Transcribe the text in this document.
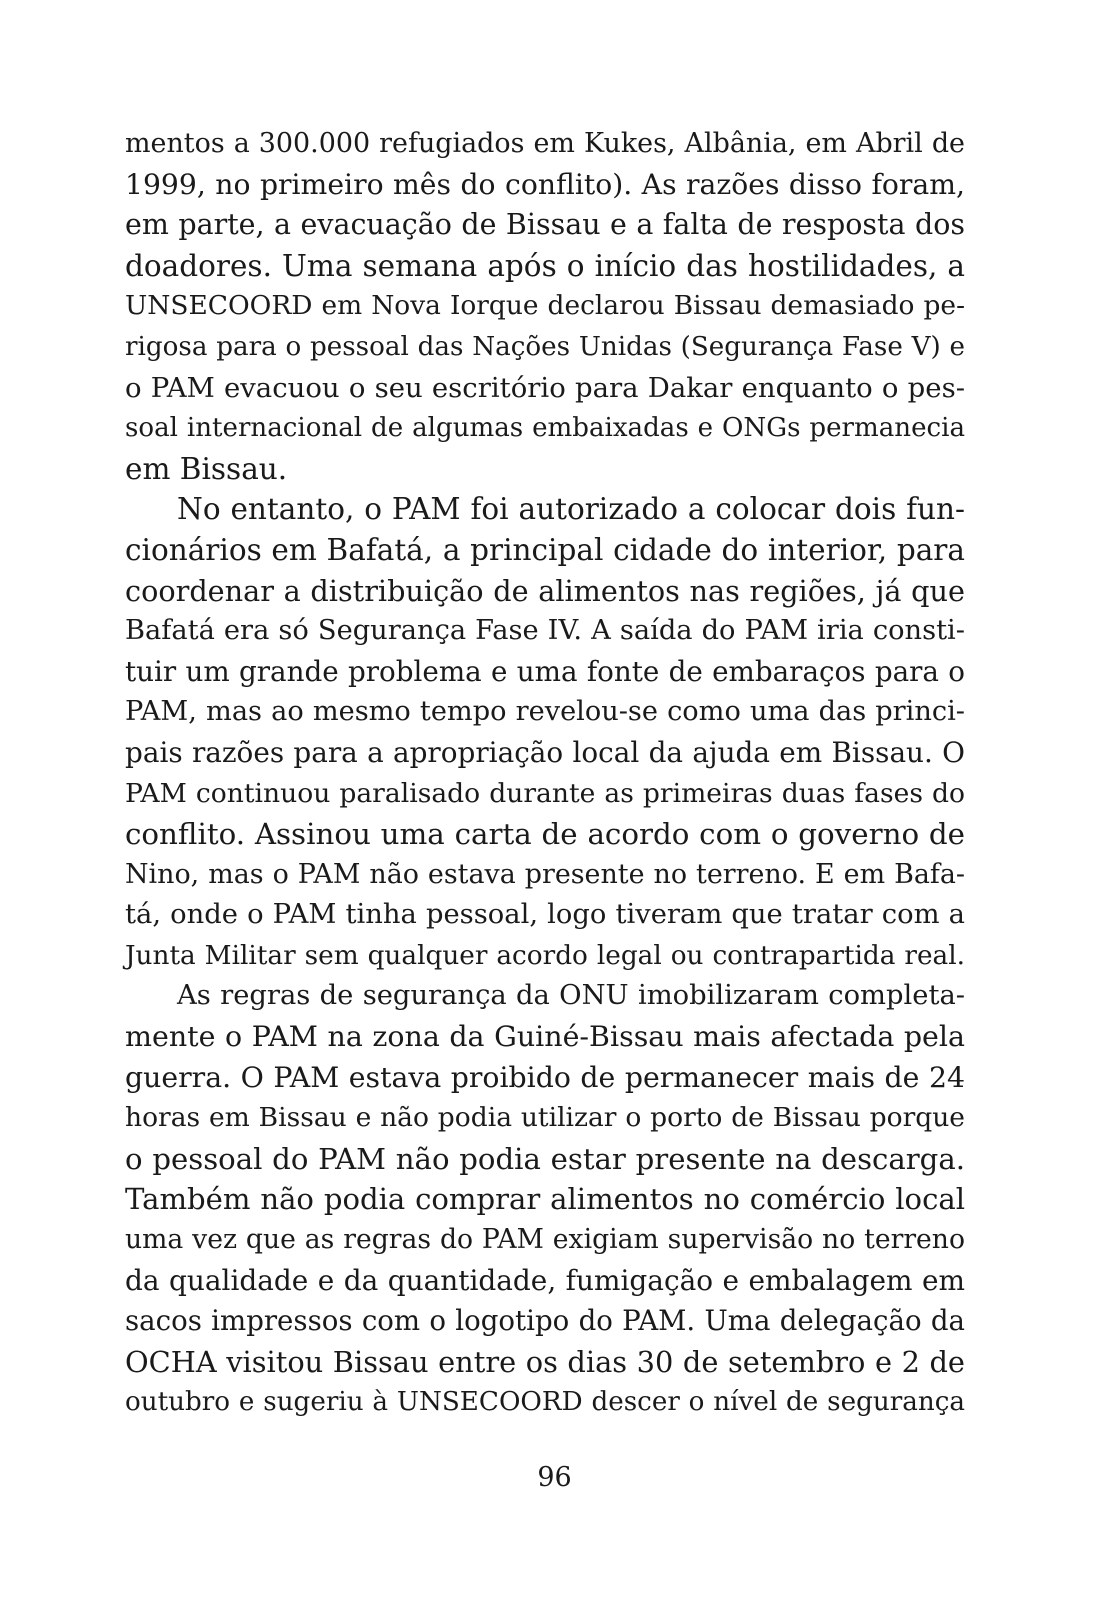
mentos a 300.000 refugiados em Kukes, Albânia, em Abril de
1999, no primeiro mês do conflito). As razões disso foram,
em parte, a evacuação de Bissau e a falta de resposta dos
doadores. Uma semana após o início das hostilidades, a
UNSECOORD em Nova Iorque declarou Bissau demasiado pe-
rigosa para o pessoal das Nações Unidas (Segurança Fase V) e
o PAM evacuou o seu escritório para Dakar enquanto o pes-
soal internacional de algumas embaixadas e ONGs permanecia
em Bissau.
No entanto, o PAM foi autorizado a colocar dois fun-
cionários em Bafatá, a principal cidade do interior, para
coordenar a distribuição de alimentos nas regiões, já que
Bafatá era só Segurança Fase IV. A saída do PAM iria consti-
tuir um grande problema e uma fonte de embaraços para o
PAM, mas ao mesmo tempo revelou-se como uma das princi-
pais razões para a apropriação local da ajuda em Bissau. O
PAM continuou paralisado durante as primeiras duas fases do
conflito. Assinou uma carta de acordo com o governo de
Nino, mas o PAM não estava presente no terreno. E em Bafa-
tá, onde o PAM tinha pessoal, logo tiveram que tratar com a
Junta Militar sem qualquer acordo legal ou contrapartida real.
As regras de segurança da ONU imobilizaram completa-
mente o PAM na zona da Guiné-Bissau mais afectada pela
guerra. O PAM estava proibido de permanecer mais de 24
horas em Bissau e não podia utilizar o porto de Bissau porque
o pessoal do PAM não podia estar presente na descarga.
Também não podia comprar alimentos no comércio local
uma vez que as regras do PAM exigiam supervisão no terreno
da qualidade e da quantidade, fumigação e embalagem em
sacos impressos com o logotipo do PAM. Uma delegação da
OCHA visitou Bissau entre os dias 30 de setembro e 2 de
outubro e sugeriu à UNSECOORD descer o nível de segurança
96
